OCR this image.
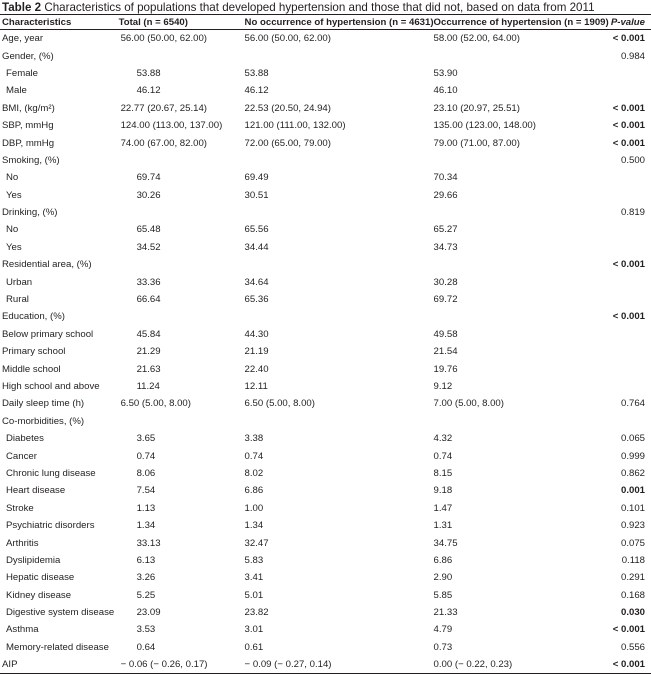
Table 2 Characteristics of populations that developed hypertension and those that did not, based on data from 2011
Characteristics	Total (n = 6540)	No occurrence of hypertension (n = 4631)	Occurrence of hypertension (n = 1909)	P-value
Age, year	56.00 (50.00, 62.00)	56.00 (50.00, 62.00)	58.00 (52.00, 64.00)	< 0.001
Gender, (%)				0.984
Female	53.88	53.88	53.90	
Male	46.12	46.12	46.10	
BMI, (kg/m²)	22.77 (20.67, 25.14)	22.53 (20.50, 24.94)	23.10 (20.97, 25.51)	< 0.001
SBP, mmHg	124.00 (113.00, 137.00)	121.00 (111.00, 132.00)	135.00 (123.00, 148.00)	< 0.001
DBP, mmHg	74.00 (67.00, 82.00)	72.00 (65.00, 79.00)	79.00 (71.00, 87.00)	< 0.001
Smoking, (%)				0.500
No	69.74	69.49	70.34	
Yes	30.26	30.51	29.66	
Drinking, (%)				0.819
No	65.48	65.56	65.27	
Yes	34.52	34.44	34.73	
Residential area, (%)				< 0.001
Urban	33.36	34.64	30.28	
Rural	66.64	65.36	69.72	
Education, (%)				< 0.001
Below primary school	45.84	44.30	49.58	
Primary school	21.29	21.19	21.54	
Middle school	21.63	22.40	19.76	
High school and above	11.24	12.11	9.12	
Daily sleep time (h)	6.50 (5.00, 8.00)	6.50 (5.00, 8.00)	7.00 (5.00, 8.00)	0.764
Co-morbidities, (%)				
Diabetes	3.65	3.38	4.32	0.065
Cancer	0.74	0.74	0.74	0.999
Chronic lung disease	8.06	8.02	8.15	0.862
Heart disease	7.54	6.86	9.18	0.001
Stroke	1.13	1.00	1.47	0.101
Psychiatric disorders	1.34	1.34	1.31	0.923
Arthritis	33.13	32.47	34.75	0.075
Dyslipidemia	6.13	5.83	6.86	0.118
Hepatic disease	3.26	3.41	2.90	0.291
Kidney disease	5.25	5.01	5.85	0.168
Digestive system disease	23.09	23.82	21.33	0.030
Asthma	3.53	3.01	4.79	< 0.001
Memory-related disease	0.64	0.61	0.73	0.556
AIP	− 0.06 (− 0.26, 0.17)	− 0.09 (− 0.27, 0.14)	0.00 (− 0.22, 0.23)	< 0.001
